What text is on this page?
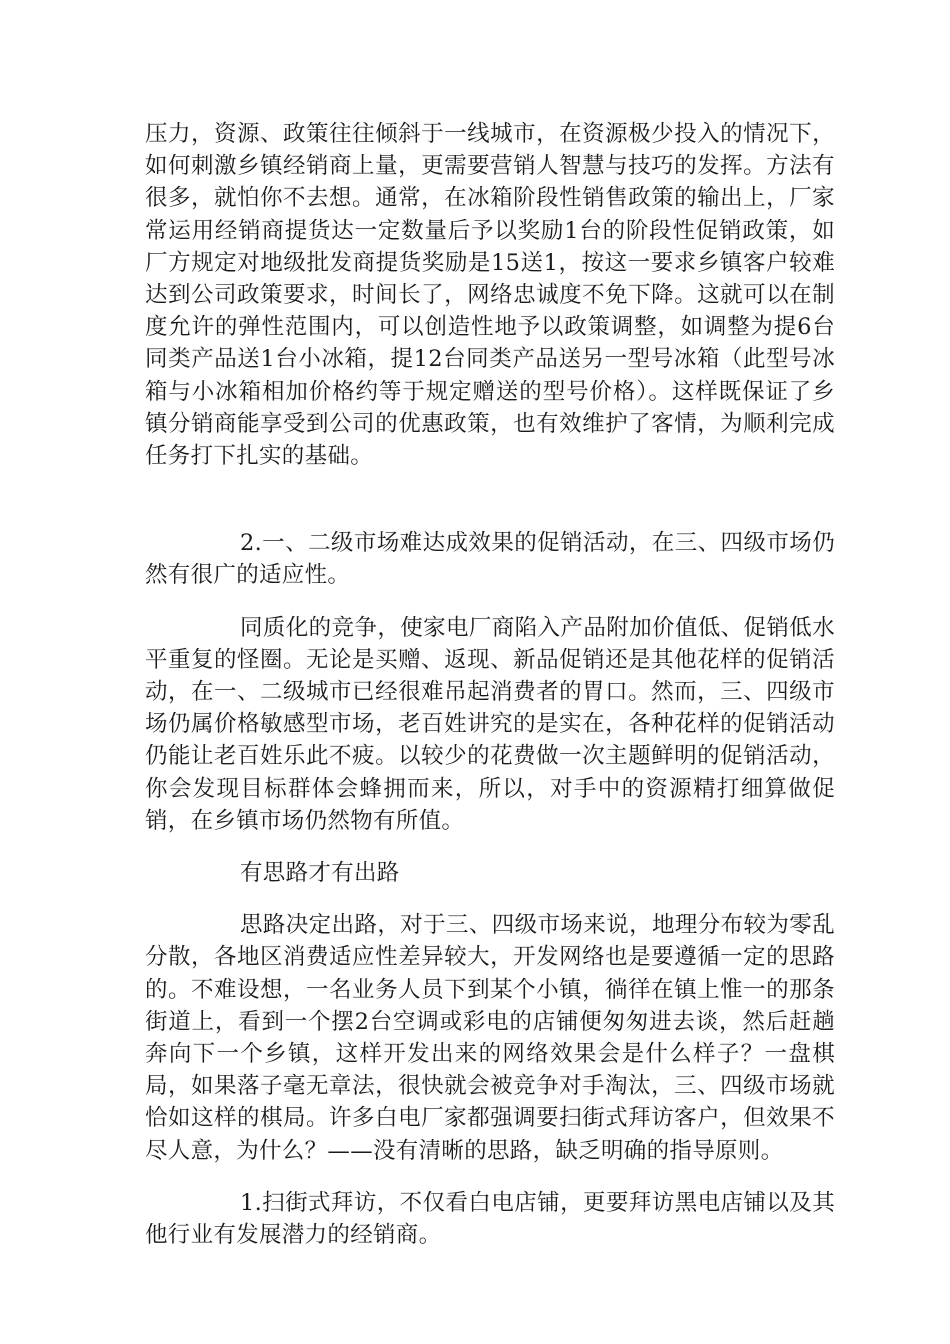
压力，资源、政策往往倾斜于一线城市，在资源极少投入的情况下，如何刺激乡镇经销商上量，更需要营销人智慧与技巧的发挥。方法有很多，就怕你不去想。通常，在冰箱阶段性销售政策的输出上，厂家常运用经销商提货达一定数量后予以奖励1台的阶段性促销政策，如厂方规定对地级批发商提货奖励是15送1，按这一要求乡镇客户较难达到公司政策要求，时间长了，网络忠诚度不免下降。这就可以在制度允许的弹性范围内，可以创造性地予以政策调整，如调整为提6台同类产品送1台小冰箱，提12台同类产品送另一型号冰箱（此型号冰箱与小冰箱相加价格约等于规定赠送的型号价格）。这样既保证了乡镇分销商能享受到公司的优惠政策，也有效维护了客情，为顺利完成任务打下扎实的基础。

2.一、二级市场难达成效果的促销活动，在三、四级市场仍然有很广的适应性。

同质化的竞争，使家电厂商陷入产品附加价值低、促销低水平重复的怪圈。无论是买赠、返现、新品促销还是其他花样的促销活动，在一、二级城市已经很难吊起消费者的胃口。然而，三、四级市场仍属价格敏感型市场，老百姓讲究的是实在，各种花样的促销活动仍能让老百姓乐此不疲。以较少的花费做一次主题鲜明的促销活动，你会发现目标群体会蜂拥而来，所以，对手中的资源精打细算做促销，在乡镇市场仍然物有所值。

有思路才有出路

思路决定出路，对于三、四级市场来说，地理分布较为零乱分散，各地区消费适应性差异较大，开发网络也是要遵循一定的思路的。不难设想，一名业务人员下到某个小镇，徜徉在镇上惟一的那条街道上，看到一个摆2台空调或彩电的店铺便匆匆进去谈，然后赶趟奔向下一个乡镇，这样开发出来的网络效果会是什么样子？一盘棋局，如果落子毫无章法，很快就会被竞争对手淘汰，三、四级市场就恰如这样的棋局。许多白电厂家都强调要扫街式拜访客户，但效果不尽人意，为什么？——没有清晰的思路，缺乏明确的指导原则。

1.扫街式拜访，不仅看白电店铺，更要拜访黑电店铺以及其他行业有发展潜力的经销商。
